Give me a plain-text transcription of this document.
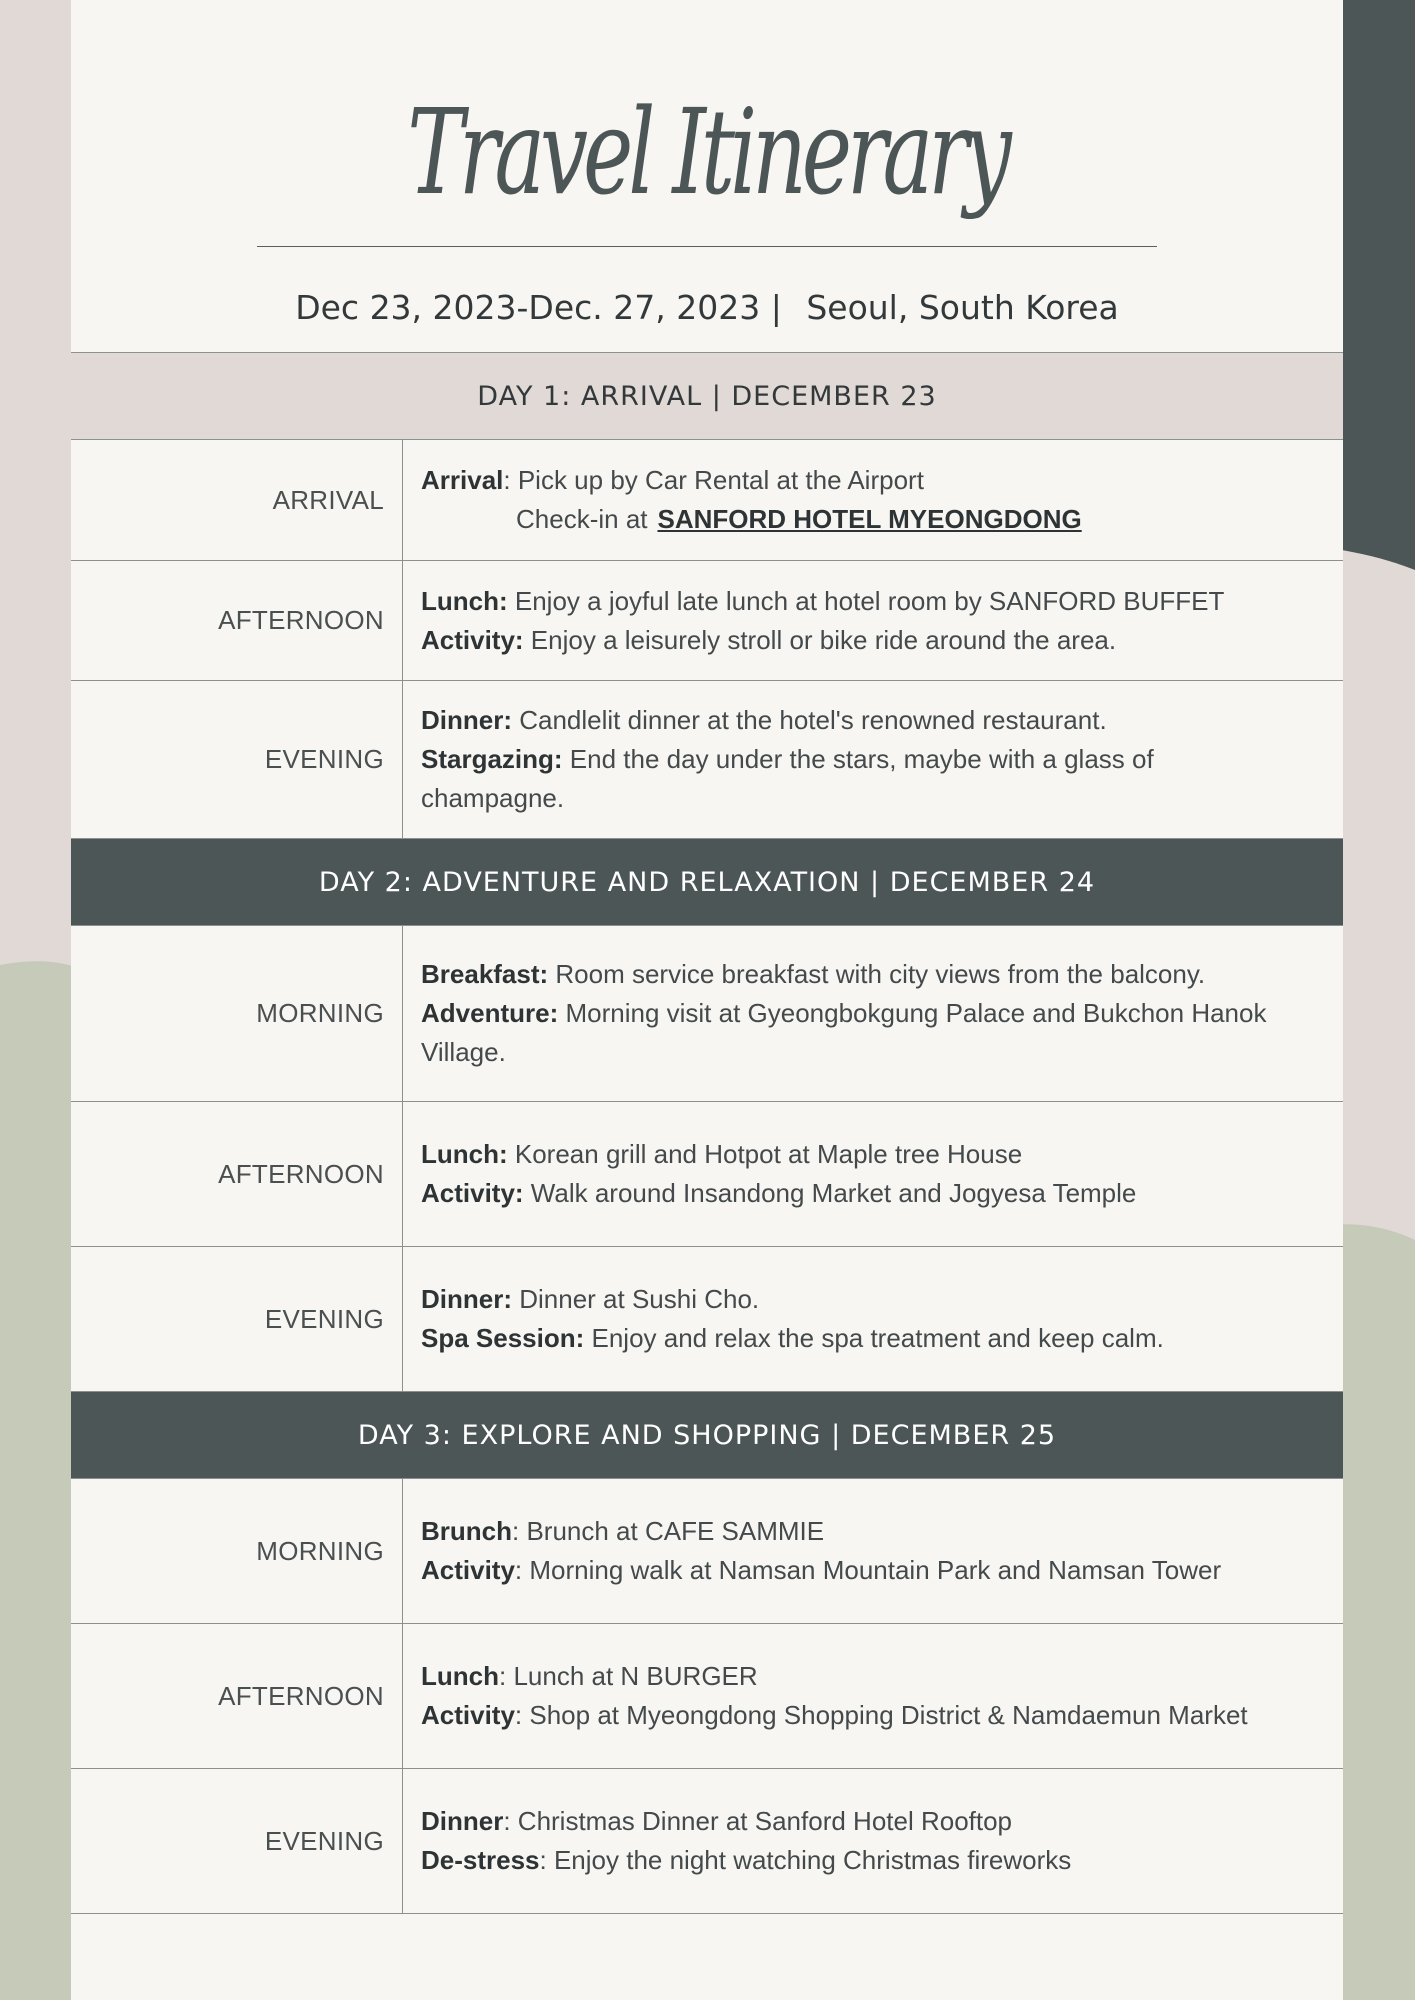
Travel Itinerary
Dec 23, 2023-Dec. 27, 2023 | Seoul, South Korea
DAY 1: ARRIVAL | DECEMBER 23
ARRIVAL
Arrival: Pick up by Car Rental at the Airport
Check-in at SANFORD HOTEL MYEONGDONG
AFTERNOON
Lunch: Enjoy a joyful late lunch at hotel room by SANFORD BUFFET
Activity: Enjoy a leisurely stroll or bike ride around the area.
EVENING
Dinner: Candlelit dinner at the hotel's renowned restaurant.
Stargazing: End the day under the stars, maybe with a glass of champagne.
DAY 2: ADVENTURE AND RELAXATION | DECEMBER 24
MORNING
Breakfast: Room service breakfast with city views from the balcony.
Adventure: Morning visit at Gyeongbokgung Palace and Bukchon Hanok Village.
AFTERNOON
Lunch: Korean grill and Hotpot at Maple tree House
Activity: Walk around Insandong Market and Jogyesa Temple
EVENING
Dinner: Dinner at Sushi Cho.
Spa Session: Enjoy and relax the spa treatment and keep calm.
DAY 3: EXPLORE AND SHOPPING | DECEMBER 25
MORNING
Brunch: Brunch at CAFE SAMMIE
Activity: Morning walk at Namsan Mountain Park and Namsan Tower
AFTERNOON
Lunch: Lunch at N BURGER
Activity: Shop at Myeongdong Shopping District & Namdaemun Market
EVENING
Dinner: Christmas Dinner at Sanford Hotel Rooftop
De-stress: Enjoy the night watching Christmas fireworks
